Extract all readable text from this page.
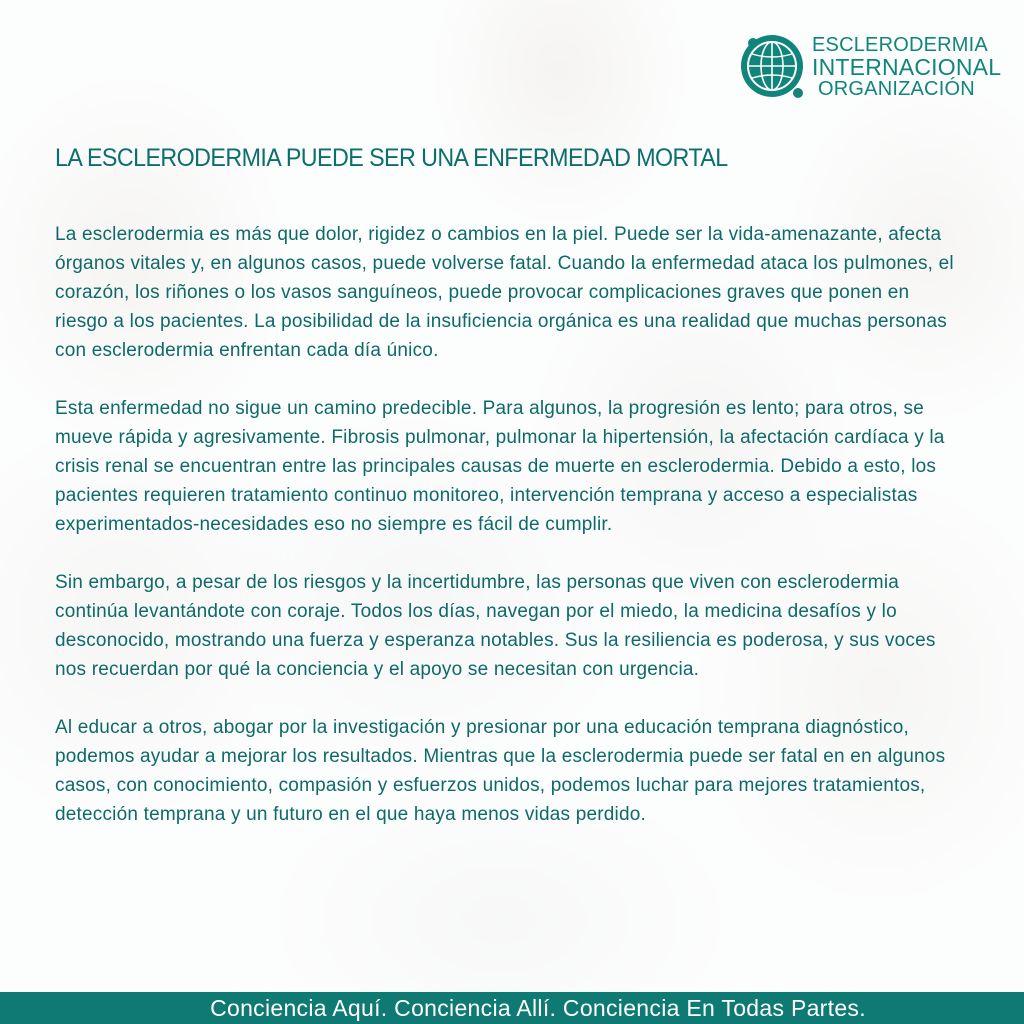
ESCLERODERMIA
INTERNACIONAL
ORGANIZACIÓN
LA ESCLERODERMIA PUEDE SER UNA ENFERMEDAD MORTAL

La esclerodermia es más que dolor, rigidez o cambios en la piel. Puede ser la vida-amenazante, afecta órganos vitales y, en algunos casos, puede volverse fatal. Cuando la enfermedad ataca los pulmones, el corazón, los riñones o los vasos sanguíneos, puede provocar complicaciones graves que ponen en riesgo a los pacientes. La posibilidad de la insuficiencia orgánica es una realidad que muchas personas con esclerodermia enfrentan cada día único.

Esta enfermedad no sigue un camino predecible. Para algunos, la progresión es lento; para otros, se mueve rápida y agresivamente. Fibrosis pulmonar, pulmonar la hipertensión, la afectación cardíaca y la crisis renal se encuentran entre las principales causas de muerte en esclerodermia. Debido a esto, los pacientes requieren tratamiento continuo monitoreo, intervención temprana y acceso a especialistas experimentados-necesidades eso no siempre es fácil de cumplir.

Sin embargo, a pesar de los riesgos y la incertidumbre, las personas que viven con esclerodermia continúa levantándote con coraje. Todos los días, navegan por el miedo, la medicina desafíos y lo desconocido, mostrando una fuerza y esperanza notables. Sus la resiliencia es poderosa, y sus voces nos recuerdan por qué la conciencia y el apoyo se necesitan con urgencia.

Al educar a otros, abogar por la investigación y presionar por una educación temprana diagnóstico, podemos ayudar a mejorar los resultados. Mientras que la esclerodermia puede ser fatal en en algunos casos, con conocimiento, compasión y esfuerzos unidos, podemos luchar para mejores tratamientos, detección temprana y un futuro en el que haya menos vidas perdido.

Conciencia Aquí. Conciencia Allí. Conciencia En Todas Partes.
